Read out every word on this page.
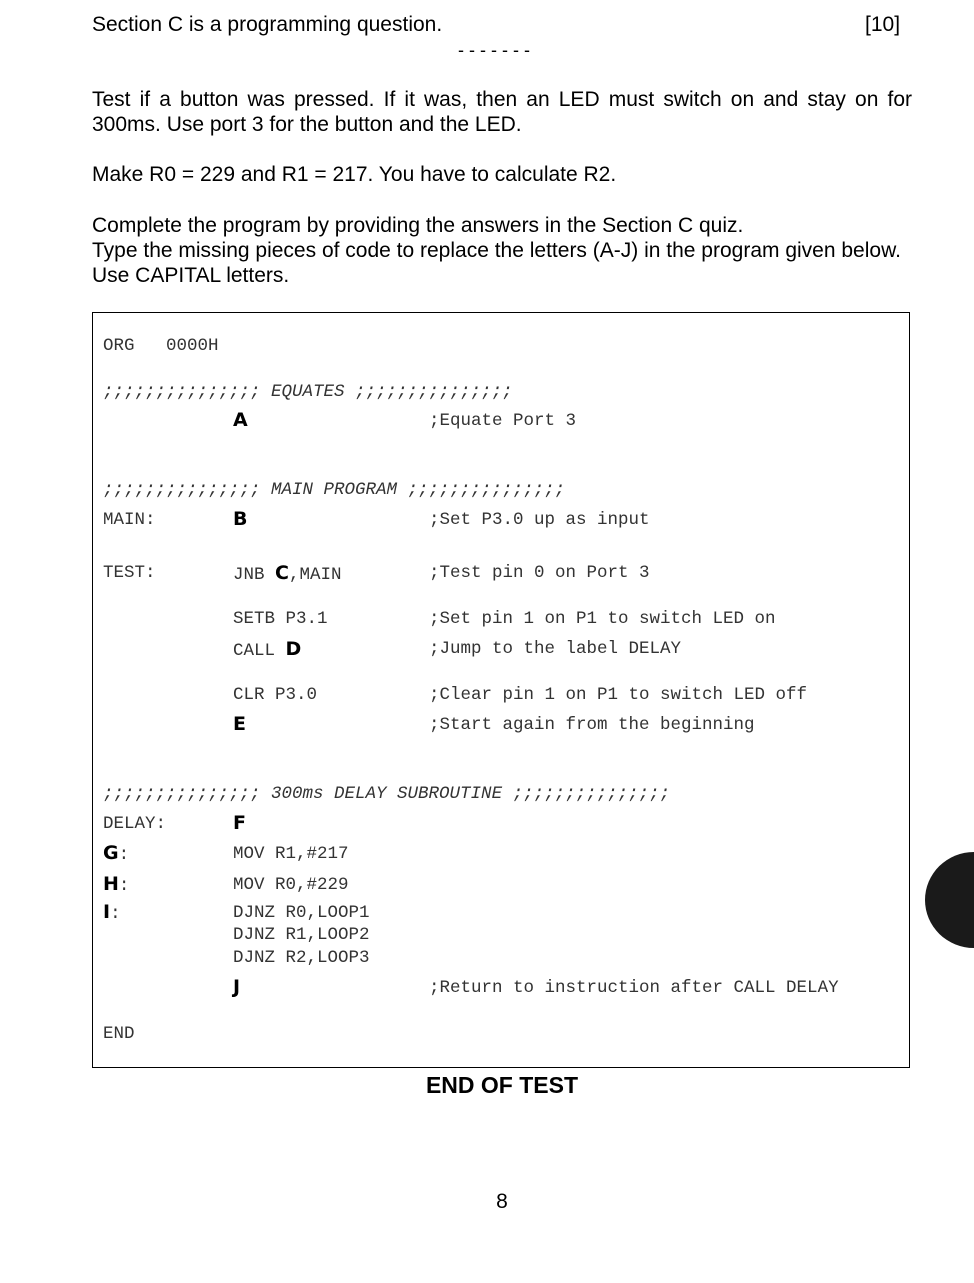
Section C is a programming question.	[10]
- - - - - - -
Test if a button was pressed. If it was, then an LED must switch on and stay on for 300ms. Use port 3 for the button and the LED.
Make R0 = 229 and R1 = 217. You have to calculate R2.
Complete the program by providing the answers in the Section C quiz.
Type the missing pieces of code to replace the letters (A-J) in the program given below. Use CAPITAL letters.
ORG   0000H
;;;;;;;;;;;;;;; EQUATES ;;;;;;;;;;;;;;;
A	;Equate Port 3
;;;;;;;;;;;;;;; MAIN PROGRAM ;;;;;;;;;;;;;;;
MAIN:	B	;Set P3.0 up as input
TEST:	JNB C,MAIN	;Test pin 0 on Port 3
SETB P3.1	;Set pin 1 on P1 to switch LED on
CALL D	;Jump to the label DELAY
CLR P3.0	;Clear pin 1 on P1 to switch LED off
E	;Start again from the beginning
;;;;;;;;;;;;;;; 300ms DELAY SUBROUTINE ;;;;;;;;;;;;;;;
DELAY:	F
G:	MOV R1,#217
H:	MOV R0,#229
I:	DJNZ R0,LOOP1
DJNZ R1,LOOP2
DJNZ R2,LOOP3
J	;Return to instruction after CALL DELAY
END
END OF TEST
8
